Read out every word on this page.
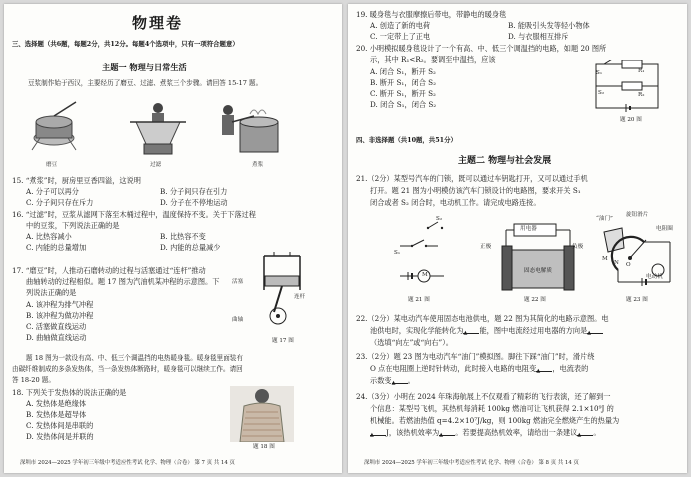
物理卷
三、选择题（共6题，每题2分，共12分。每题4个选项中，只有一项符合题意）
主题一 物理与日常生活
豆浆制作始于西汉，主要经历了磨豆、过滤、煮浆三个步骤。请回答 15-17 题。
磨豆	过滤	煮浆
15. “煮浆”时，厨房里豆香四溢，这说明
A. 分子可以再分	B. 分子间只存在引力
C. 分子间只存在斥力	D. 分子在不停地运动
16. “过滤”时，豆浆从滤网下落至木桶过程中，温度保持不变。关于下落过程
中的豆浆，下列说法正确的是
A. 比热容减小	B. 比热容不变
C. 内能的总量增加	D. 内能的总量减少
17. “磨豆”时，人推动石磨转动的过程与活塞通过“连杆”推动
曲轴转动的过程相似。题 17 图为汽油机某冲程的示意图。下
列说法正确的是
A. 该冲程为排气冲程
B. 该冲程为做功冲程
C. 活塞做直线运动
D. 曲轴做直线运动
活塞
连杆
曲轴
题 17 图
题 18 图为一款设有高、中、低三个调温挡的电热暖身毯。暖身毯里面装有
由碳纤维制成的多条发热体，当一条发热体断路时，暖身毯可以继续工作。请回
答 18-20 题。
18. 下列关于发热体的说法正确的是
A. 发热体是绝缘体
B. 发热体是超导体
C. 发热体间是串联的
D. 发热体间是并联的
题 18 图
深圳市 2024—2025 学年初三年级中考适应性考试 化学、物理（合卷） 第 7 页 共 14 页
19. 暖身毯与衣服摩擦后带电，带静电的暖身毯
A. 创造了新的电荷	B. 能吸引头发等轻小物体
C. 一定带上了正电	D. 与衣服相互排斥
20. 小明模拟暖身毯设计了一个有高、中、低三个调温挡的电路，如题 20 图所
示，其中 R₁<R₂。要调至中温挡，应该
A. 闭合 S₁，断开 S₂
B. 断开 S₁，闭合 S₂
C. 断开 S₁，断开 S₂
D. 闭合 S₁，闭合 S₂
S₁	R₁
S₂	R₂
题 20 图
四、非选择题（共10题，共51分）
主题二 物理与社会发展
21.（2分）某型号汽车的门锁，既可以通过车钥匙打开，又可以通过手机
打开。题 21 图为小明模仿该汽车门锁设计的电路图，要求开关 S₁
闭合或者 S₂ 闭合时，电动机工作。请完成电路连接。
S₂
S₁
M
题 21 图
固态电解质
用电器
正极	负极
题 22 图
“油门”
旋钮滑片
电阻圈
M
电动机
N O
题 23 图
22.（2分）某电动汽车使用固态电池供电，题 22 图为其简化的电路示意图。电
池供电时，实现化学能转化为▲ 能，图中电流经过用电器的方向是▲
（选填“向左”或“向右”）。
23.（2分）题 23 图为电动汽车“油门”模拟图。脚往下踩“油门”时，滑片绕
O 点在电阻圈上逆时针转动，此时接入电路的电阻变▲ ，电流表的
示数变▲ 。
24.（3分）小明在 2024 年珠海航展上不仅观看了精彩的飞行表演，还了解到一
个信息：某型号飞机，其热机每消耗 100kg 燃油可让飞机获得 2.1×10⁹J 的
机械能。若燃油热值 q=4.2×10⁷J/kg，则 100kg 燃油完全燃烧产生的热量为
▲ J，该热机效率为▲ 。若要提高热机效率，请给出一条建议▲ 。
深圳市 2024—2025 学年初三年级中考适应性考试 化学、物理（合卷） 第 8 页 共 14 页
